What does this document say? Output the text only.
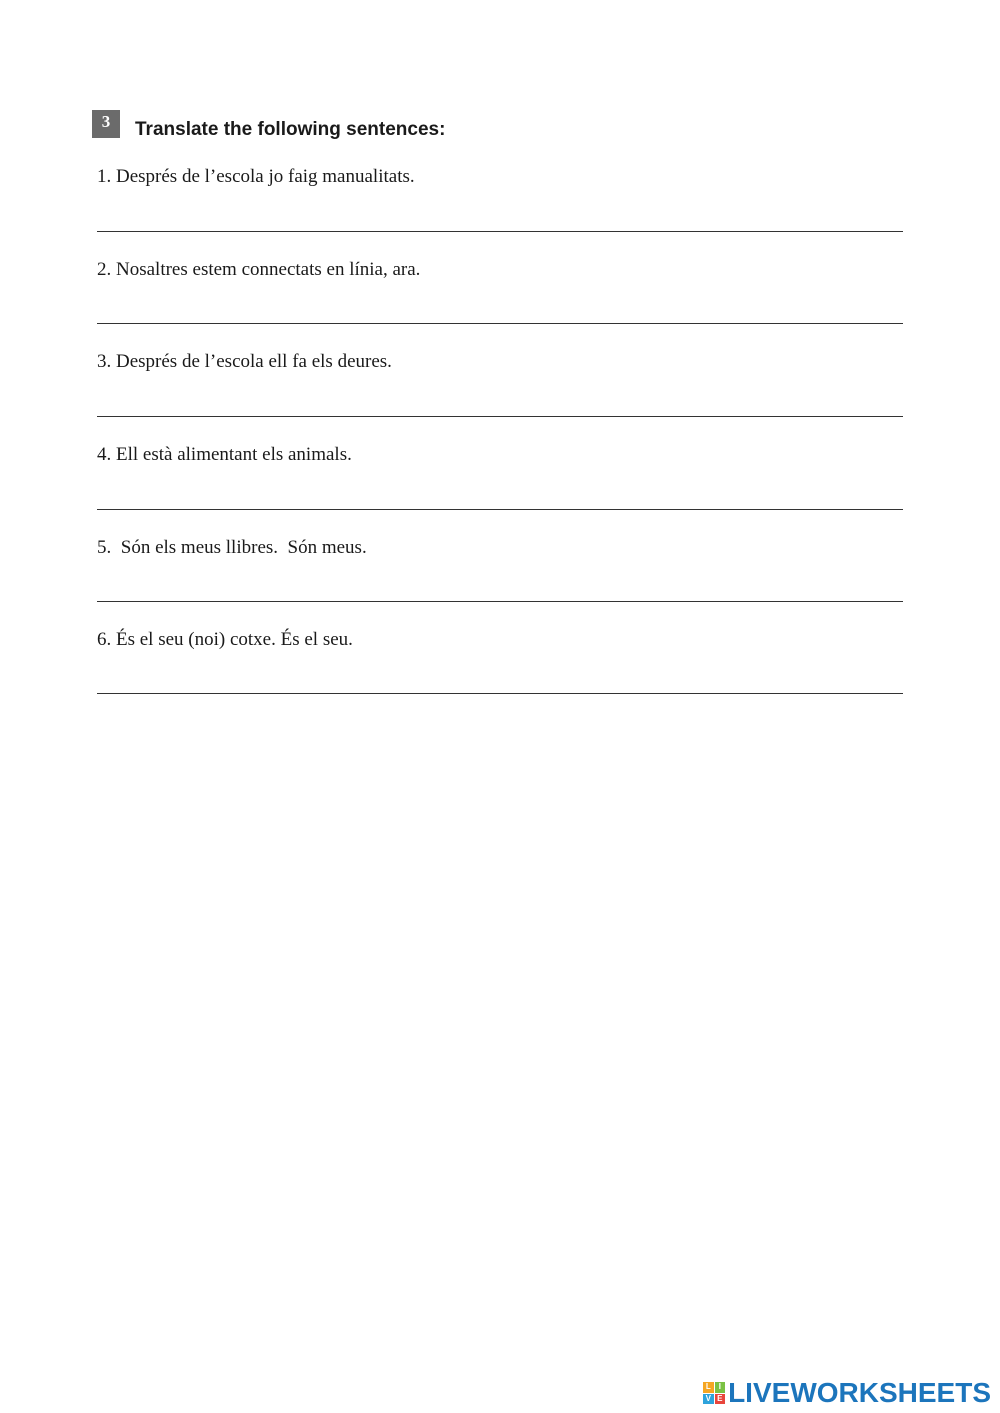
3	Translate the following sentences:

1. Després de l’escola jo faig manualitats.

2. Nosaltres estem connectats en línia, ara.

3. Després de l’escola ell fa els deures.

4. Ell està alimentant els animals.

5.  Són els meus llibres.  Són meus.

6. És el seu (noi) cotxe. És el seu.

L I
V E LIVEWORKSHEETS
